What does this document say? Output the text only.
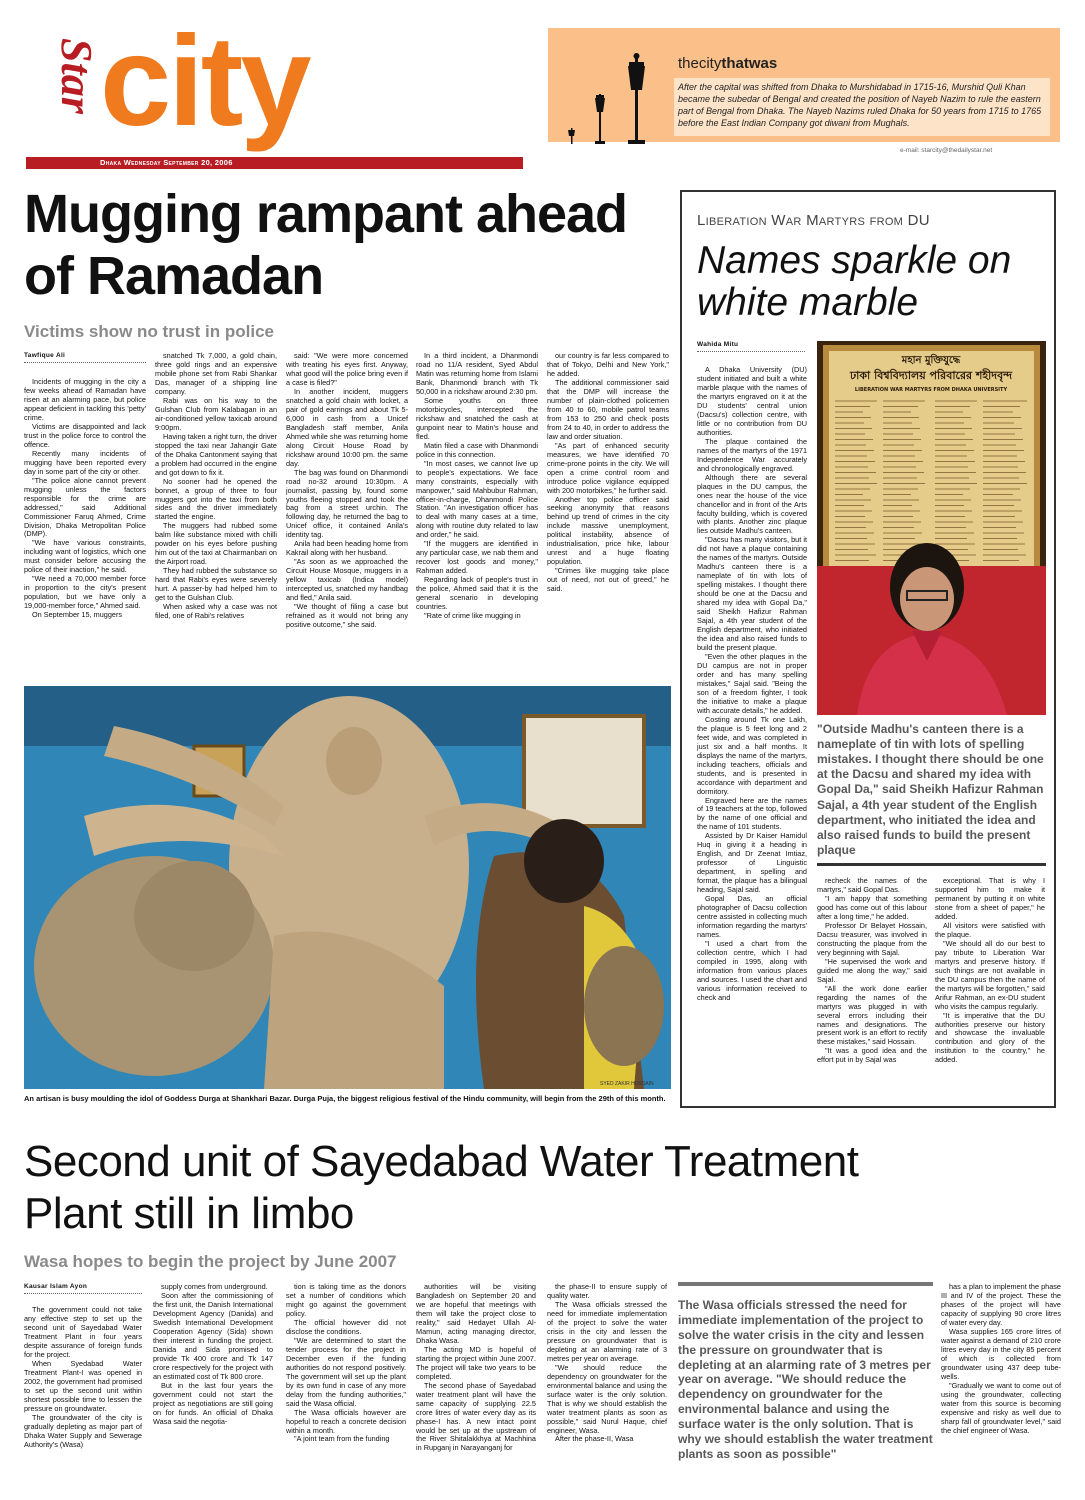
Star city
Dhaka Wednesday September 20, 2006
thecitythatwas
After the capital was shifted from Dhaka to Murshidabad in 1715-16, Murshid Quli Khan became the subedar of Bengal and created the position of Nayeb Nazim to rule the eastern part of Bengal from Dhaka. The Nayeb Nazims ruled Dhaka for 50 years from 1715 to 1765 before the East Indian Company got diwani from Mughals.
e-mail: starcity@thedailystar.net
Mugging rampant ahead of Ramadan
Victims show no trust in police
Tawfique Ali

Incidents of mugging in the city a few weeks ahead of Ramadan have risen at an alarming pace, but police appear deficient in tackling this 'petty' crime.

Victims are disappointed and lack trust in the police force to control the offence.

Recently many incidents of mugging have been reported every day in some part of the city or other.

"The police alone cannot prevent mugging unless the factors responsible for the crime are addressed," said Additional Commissioner Faruq Ahmed, Crime Division, Dhaka Metropolitan Police (DMP).

"We have various constraints, including want of logistics, which one must consider before accusing the police of their inaction," he said.

"We need a 70,000 member force in proportion to the city's present population, but we have only a 19,000-member force," Ahmed said.

On September 15, muggers

snatched Tk 7,000, a gold chain, three gold rings and an expensive mobile phone set from Rabi Shankar Das, manager of a shipping line company.

Rabi was on his way to the Gulshan Club from Kalabagan in an air-conditioned yellow taxicab around 9:00pm.

Having taken a right turn, the driver stopped the taxi near Jahangir Gate of the Dhaka Cantonment saying that a problem had occurred in the engine and got down to fix it.

No sooner had he opened the bonnet, a group of three to four muggers got into the taxi from both sides and the driver immediately started the engine.

The muggers had rubbed some balm like substance mixed with chilli powder on his eyes before pushing him out of the taxi at Chairmanbari on the Airport road.

They had rubbed the substance so hard that Rabi's eyes were severely hurt. A passer-by had helped him to get to the Gulshan Club.

When asked why a case was not filed, one of Rabi's relatives

said: "We were more concerned with treating his eyes first. Anyway, what good will the police bring even if a case is filed?"

In another incident, muggers snatched a gold chain with locket, a pair of gold earrings and about Tk 5-6,000 in cash from a Unicef Bangladesh staff member, Anila Ahmed while she was returning home along Circuit House Road by rickshaw around 10:00 pm. the same day.

The bag was found on Dhanmondi road no-32 around 10:30pm. A journalist, passing by, found some youths fleeing stopped and took the bag from a street urchin. The following day, he returned the bag to Unicef office, it contained Anila's identity tag.

Anila had been heading home from Kakrail along with her husband.

"As soon as we approached the Circuit House Mosque, muggers in a yellow taxicab (Indica model) intercepted us, snatched my handbag and fled," Anila said.

"We thought of filing a case but refrained as it would not bring any positive outcome," she said.

In a third incident, a Dhanmondi road no 11/A resident, Syed Abdul Matin was returning home from Islami Bank, Dhanmondi branch with Tk 50,000 in a rickshaw around 2:30 pm.

Some youths on three motorbicycles, intercepted the rickshaw and snatched the cash at gunpoint near to Matin's house and fled.

Matin filed a case with Dhanmondi police in this connection.

"In most cases, we cannot live up to people's expectations. We face many constraints, especially with manpower," said Mahbubur Rahman, officer-in-charge, Dhanmondi Police Station. "An investigation officer has to deal with many cases at a time, along with routine duty related to law and order," he said.

"If the muggers are identified in any particular case, we nab them and recover lost goods and money," Rahman added.

Regarding lack of people's trust in the police, Ahmed said that it is the general scenario in developing countries.

"Rate of crime like mugging in

our country is far less compared to that of Tokyo, Delhi and New York," he added.

The additional commissioner said that the DMP will increase the number of plain-clothed policemen from 40 to 60, mobile patrol teams from 153 to 250 and check posts from 24 to 40, in order to address the law and order situation.

"As part of enhanced security measures, we have identified 70 crime-prone points in the city. We will open a crime control room and introduce police vigilance equipped with 200 motorbikes," he further said.

Another top police officer said seeking anonymity that reasons behind up trend of crimes in the city include massive unemployment, political instability, absence of industrialisation, price hike, labour unrest and a huge floating population.

"Crimes like mugging take place out of need, not out of greed," he said.

SYED ZAKIR HOSSAIN
An artisan is busy moulding the idol of Goddess Durga at Shankhari Bazar. Durga Puja, the biggest religious festival of the Hindu community, will begin from the 29th of this month.
Liberation War Martyrs from DU
Names sparkle on white marble
Wahida Mitu
মহান মুক্তিযুদ্ধে
ঢাকা বিশ্ববিদ্যালয় পরিবারের শহীদবৃন্দ
LIBERATION WAR MARTYRS FROM DHAKA UNIVERSITY
"Outside Madhu's canteen there is a nameplate of tin with lots of spelling mistakes. I thought there should be one at the Dacsu and shared my idea with Gopal Da," said Sheikh Hafizur Rahman Sajal, a 4th year student of the English department, who initiated the idea and also raised funds to build the present plaque

A Dhaka University (DU) student initiated and built a white marble plaque with the names of the martyrs engraved on it at the DU students' central union (Dacsu's) collection centre, with little or no contribution from DU authorities.

The plaque contained the names of the martyrs of the 1971 Independence War accurately and chronologically engraved.

Although there are several plaques in the DU campus, the ones near the house of the vice chancellor and in front of the Arts faculty building, which is covered with plants. Another zinc plaque lies outside Madhu's canteen.

"Dacsu has many visitors, but it did not have a plaque containing the names of the martyrs. Outside Madhu's canteen there is a nameplate of tin with lots of spelling mistakes. I thought there should be one at the Dacsu and shared my idea with Gopal Da," said Sheikh Hafizur Rahman Sajal, a 4th year student of the English department, who initiated the idea and also raised funds to build the present plaque.

"Even the other plaques in the DU campus are not in proper order and has many spelling mistakes," Sajal said. "Being the son of a freedom fighter, I took the initiative to make a plaque with accurate details," he added.

Costing around Tk one Lakh, the plaque is 5 feet long and 2 feet wide, and was completed in just six and a half months. It displays the name of the martyrs, including teachers, officials and students, and is presented in accordance with department and dormitory.

Engraved here are the names of 19 teachers at the top, followed by the name of one official and the name of 101 students.

Assisted by Dr Kaiser Hamidul Huq in giving it a heading in English, and Dr Zeenat Imtiaz, professor of Linguistic department, in spelling and format, the plaque has a bilingual heading, Sajal said.

Gopal Das, an official photographer of Dacsu collection centre assisted in collecting much information regarding the martyrs' names.

"I used a chart from the collection centre, which I had compiled in 1995, along with information from various places and sources. I used the chart and various information received to check and

recheck the names of the martyrs," said Gopal Das.

"I am happy that something good has come out of this labour after a long time," he added.

Professor Dr Belayet Hossain, Dacsu treasurer, was involved in constructing the plaque from the very beginning with Sajal.

"He supervised the work and guided me along the way," said Sajal.

"All the work done earlier regarding the names of the martyrs was plugged in with several errors including their names and designations. The present work is an effort to rectify these mistakes," said Hossain.

"It was a good idea and the effort put in by Sajal was

exceptional. That is why I supported him to make it permanent by putting it on white stone from a sheet of paper," he added.

All visitors were satisfied with the plaque.

"We should all do our best to pay tribute to Liberation War martyrs and preserve history. If such things are not available in the DU campus then the name of the martyrs will be forgotten," said Arifur Rahman, an ex-DU student who visits the campus regularly.

"It is imperative that the DU authorities preserve our history and showcase the invaluable contribution and glory of the institution to the country," he added.

Second unit of Sayedabad Water Treatment Plant still in limbo
Wasa hopes to begin the project by June 2007
Kausar Islam Ayon

The government could not take any effective step to set up the second unit of Sayedabad Water Treatment Plant in four years despite assurance of foreign funds for the project.

When Syedabad Water Treatment Plant-I was opened in 2002, the government had promised to set up the second unit within shortest possible time to lessen the pressure on groundwater.

The groundwater of the city is gradually depleting as major part of Dhaka Water Supply and Sewerage Authority's (Wasa)

supply comes from underground.

Soon after the commissioning of the first unit, the Danish International Development Agency (Danida) and Swedish International Development Cooperation Agency (Sida) shown their interest in funding the project. Danida and Sida promised to provide Tk 400 crore and Tk 147 crore respectively for the project with an estimated cost of Tk 800 crore.

But in the last four years the government could not start the project as negotiations are still going on for funds. An official of Dhaka Wasa said the negotia-

tion is taking time as the donors set a number of conditions which might go against the government policy.

The official however did not disclose the conditions.

"We are determined to start the tender process for the project in December even if the funding authorities do not respond positively. The government will set up the plant by its own fund in case of any more delay from the funding authorities," said the Wasa official.

The Wasa officials however are hopeful to reach a concrete decision within a month.

"A joint team from the funding

authorities will be visiting Bangladesh on September 20 and we are hopeful that meetings with them will take the project close to reality," said Hedayet Ullah Al-Mamun, acting managing director, Dhaka Wasa.

The acting MD is hopeful of starting the project within June 2007. The project will take two years to be completed.

The second phase of Sayedabad water treatment plant will have the same capacity of supplying 22.5 crore litres of water every day as its phase-I has. A new intact point would be set up at the upstream of the River Shitalakkhya at Machhina in Rupganj in Narayanganj for

the phase-II to ensure supply of quality water.

The Wasa officials stressed the need for immediate implementation of the project to solve the water crisis in the city and lessen the pressure on groundwater that is depleting at an alarming rate of 3 metres per year on average.

"We should reduce the dependency on groundwater for the environmental balance and using the surface water is the only solution. That is why we should establish the water treatment plants as soon as possible," said Nurul Haque, chief engineer, Wasa.

After the phase-II, Wasa

The Wasa officials stressed the need for immediate implementation of the project to solve the water crisis in the city and lessen the pressure on groundwater that is depleting at an alarming rate of 3 metres per year on average. "We should reduce the dependency on groundwater for the environmental balance and using the surface water is the only solution. That is why we should establish the water treatment plants as soon as possible"

has a plan to implement the phase III and IV of the project. These the phases of the project will have capacity of supplying 90 crore litres of water every day.

Wasa supplies 165 crore litres of water against a demand of 210 crore litres every day in the city 85 percent of which is collected from groundwater using 437 deep tube-wells.

"Gradually we want to come out of using the groundwater, collecting water from this source is becoming expensive and risky as well due to sharp fall of groundwater level," said the chief engineer of Wasa.
